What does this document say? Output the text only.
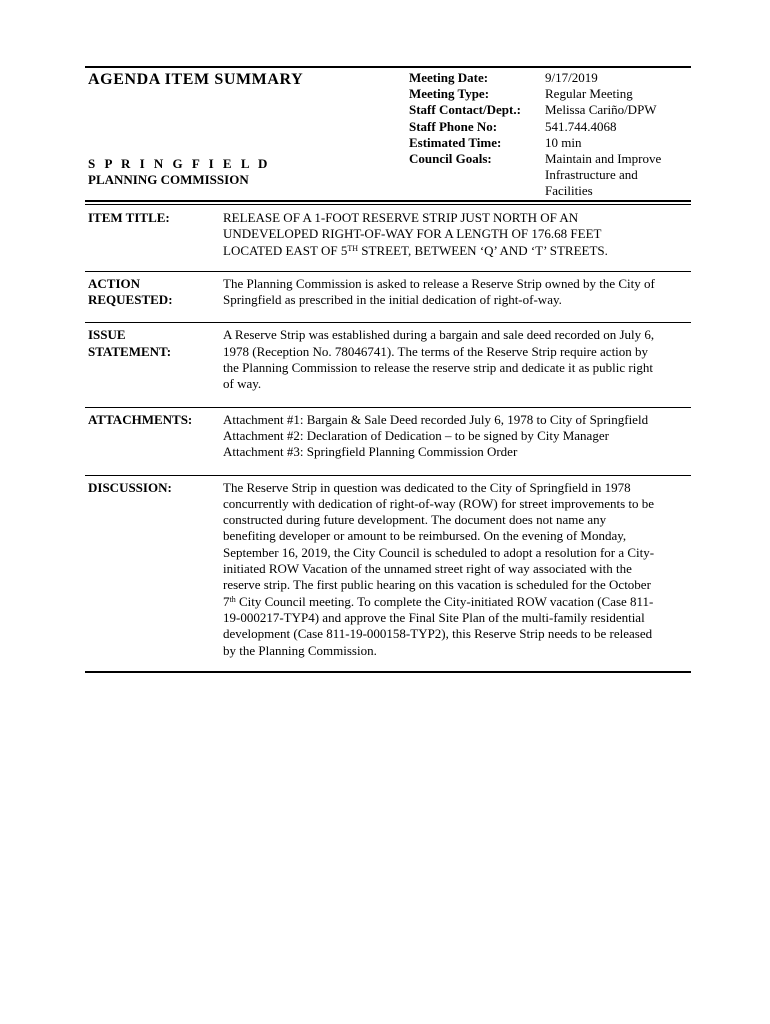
AGENDA ITEM SUMMARY
S P R I N G F I E L D
PLANNING COMMISSION
Meeting Date:	9/17/2019
Meeting Type:	Regular Meeting
Staff Contact/Dept.:	Melissa Cariño/DPW
Staff Phone No:	541.744.4068
Estimated Time:	10 min
Council Goals:	Maintain and Improve
Infrastructure and
Facilities
ITEM TITLE:	RELEASE OF A 1-FOOT RESERVE STRIP JUST NORTH OF AN
UNDEVELOPED RIGHT-OF-WAY FOR A LENGTH OF 176.68 FEET
LOCATED EAST OF 5TH STREET, BETWEEN ‘Q’ AND ‘T’ STREETS.
ACTION
REQUESTED:
The Planning Commission is asked to release a Reserve Strip owned by the City of
Springfield as prescribed in the initial dedication of right-of-way.
ISSUE
STATEMENT:
A Reserve Strip was established during a bargain and sale deed recorded on July 6,
1978 (Reception No. 78046741). The terms of the Reserve Strip require action by
the Planning Commission to release the reserve strip and dedicate it as public right
of way.
ATTACHMENTS:	Attachment #1: Bargain & Sale Deed recorded July 6, 1978 to City of Springfield
Attachment #2: Declaration of Dedication – to be signed by City Manager
Attachment #3: Springfield Planning Commission Order
DISCUSSION:	The Reserve Strip in question was dedicated to the City of Springfield in 1978
concurrently with dedication of right-of-way (ROW) for street improvements to be
constructed during future development. The document does not name any
benefiting developer or amount to be reimbursed. On the evening of Monday,
September 16, 2019, the City Council is scheduled to adopt a resolution for a City-
initiated ROW Vacation of the unnamed street right of way associated with the
reserve strip. The first public hearing on this vacation is scheduled for the October
7th City Council meeting. To complete the City-initiated ROW vacation (Case 811-
19-000217-TYP4) and approve the Final Site Plan of the multi-family residential
development (Case 811-19-000158-TYP2), this Reserve Strip needs to be released
by the Planning Commission.
